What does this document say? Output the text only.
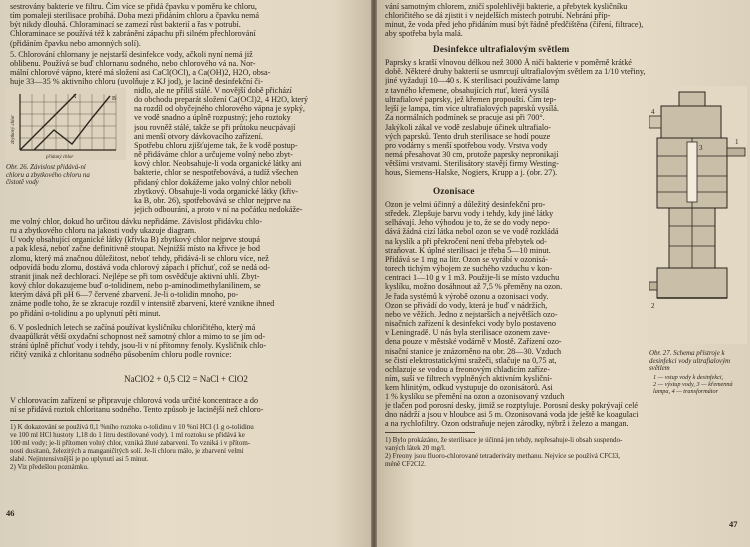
sestrovány bakterie ve filtru. Čím více se přidá čpavku v poměru ke chloru,
tím pomaleji sterilisace probíhá. Doba mezi přidáním chloru a čpavku nemá
být nikdy dlouhá. Chloraminací se zamezí růst bakterií a řas v potrubí.
Chloraminace se používá též k zabránění zápachu při silném přechlorování
(přidáním čpavku nebo amonných solí).
5. Chlorování chlornany je nejstarší desinfekce vody, ačkoli nyní nemá již
oblibenu. Používá se buď chlornanu sodného, nebo chlorového vá na. Nor-
mální chlorové vápno, které má složení asi CaCl(OCl), a Ca(OH)2, H2O, obsa-
huje 33—35 % aktivního chloru (uvolňuje z KJ jod), je lacině desinfekční či-
A	B
přidaný chlor
zbytkový chlor
Obr. 26. Závislost přidává-ní chloru a zbytkového chloru na čistotě vody
nidlo, ale ne příliš stálé. V novější době přichází
do obchodu preparát složení Ca(OCl)2, 4 H2O, který
na rozdíl od obyčejného chlorového vápna je sypký,
ve vodě snadno a úplně rozpustný; jeho roztoky
jsou rovněž stálé, takže se při průtoku neucpávají
ani menší otvory dávkovacího zařízení.
Spotřebu chloru zjišťujeme tak, že k vodě postup-
ně přidáváme chlor a určujeme volný nebo zbyt-
kový chlor. Neobsahuje-li voda organické látky ani
bakterie, chlor se nespotřebovává, a tudíž všechen
přidaný chlor dokážeme jako volný chlor neboli
zbytkový. Obsahuje-li voda organické látky (křiv-
ka B, obr. 26), spotřebovává se chlor nejprve na
jejich odbourání, a proto v ní na počátku nedokáže-
me volný chlor, dokud ho určitou dávku nepřidáme. Závislost přidávku chlo-
ru a zbytkového chloru na jakosti vody ukazuje diagram.
U vody obsahující organické látky (křivka B) zbytkový chlor nejprve stoupá
a pak klesá, neboť začne definitivně stoupat. Nejnižší místo na křivce je bod
zlomu, který má značnou důležitost, neboť tehdy, přidává-li se chloru více, než
odpovídá bodu zlomu, dostává voda chlorový zápach i příchuť, což se nedá od-
stranit jinak než dechlorací. Nejlépe se při tom osvědčuje aktivní uhlí. Zbyt-
kový chlor dokazujeme buď o-tolidinem, nebo p-aminodimethylanilinem, se
kterým dává při pH 6—7 červené zbarvení. Je-li o-tolidin mnoho, po-
známe podle toho, že se zkracuje rozdíl v intensitě zbarvení, které vznikne ihned
po přidání o-tolidinu a po uplynutí pěti minut.
6. V posledních letech se začíná používat kysličníku chloričitého, který má
dvaapůlkrát větší oxydační schopnost než samotný chlor a mimo to se jím od-
strání úplně příchuť vody i tehdy, jsou-li v ní přítomny fenoly. Kysličník chlo-
ričitý vzniká z chloritanu sodného působením chloru podle rovnice:
NaClO2 + 0,5 Cl2 = NaCl + ClO2
V chlorovacím zařízení se připravuje chlorová voda určité koncentrace a do
ní se přidává roztok chloritanu sodného. Tento způsob je lacinější než chloro-
1) K dokazování se používá 0,1 %ního roztoku o-tolidinu v 10 %ní HCl (1 g o-tolidinu
ve 100 ml HCl hustoty 1,18 do 1 litru destilované vody). 1 ml roztoku se přidává ke
100 ml vody; je-li přítomen volný chlor, vzniká žluté zabarvení. To vzniká i v přítom-
nosti dusitanů, železitých a manganičitých solí. Je-li chloru málo, je zbarvení velmi
slabé. Nejintensivnější je po uplynutí asi 5 minut.
2) Viz předešlou poznámku.
46
vání samotným chlorem, zničí spolehlivěji bakterie, a přebytek kysličníku
chloričitého se dá zjistit i v nejdelších místech potrubí. Nebrání příp-
minut, že voda před jeho přidáním musí být řádně předčištěna (čiření, filtrace),
aby spotřeba byla malá.
Desinfekce ultrafialovým světlem
Paprsky s kratší vlnovou délkou než 3000 Å ničí bakterie v poměrně krátké
době. Některé druhy bakterií se usmrcují ultrafialovým světlem za 1/10 vteřiny,
jiné vyžadují 10—40 s. K sterilisaci používáme lamp
z tavného křemene, obsahujících rtuť, která vysílá
ultrafialové paprsky, jež křemen propouští. Čím tep-
lejší je lampa, tím více ultrafialových paprsků vysílá.
Za normálních podmínek se pracuje asi při 700°.
Jakýkoli zákal ve vodě zeslabuje účinek ultrafialo-
vých paprsků. Tento druh sterilisace se hodí pouze
pro vodárny s menší spotřebou vody. Vrstva vody
nemá přesahovat 30 cm, protože paprsky nepronikají
většími vrstvami. Sterilisátory stavějí firmy Westing-
hous, Siemens-Halske, Nogiers, Krupp a j. (obr. 27).
Ozonisace
Ozon je velmi účinný a důležitý desinfekční pro-
středek. Zlepšuje barvu vody i tehdy, kdy jiné látky
selhávají. Jeho výhodou je to, že se do vody nepo-
dává žádná cizí látka nebol ozon se ve vodě rozkládá
na kyslík a při překročení není třeba přebytek od-
straňovat. K úplné sterilisaci je třeba 5—10 minut.
Přidává se 1 mg na litr. Ozon se vyrábí v ozonisá-
torech tichým výbojem ze suchého vzduchu v kon-
centraci 1—10 g v 1 m3. Použije-li se místo vzduchu
kyslíku, možno dosáhnout až 7,5 % přeměny na ozon.
Je řada systémů k výrobě ozonu a ozonisaci vody.
Ozon se přivádí do vody, která je buď v nádržích,
nebo ve věžích. Jedno z nejstarších a největších ozo-
nisačních zařízení k desinfekci vody bylo postaveno
v Leningradě. U nás byla sterilisace ozonem zave-
dena pouze v městské vodárně v Mostě. Zařízení ozo-
nisační stanice je znázorněno na obr. 28—30. Vzduch
se čistí elektrostatickými sražeči, stlačuje na 0,75 at,
ochlazuje se vodou a freonovým chladicím zaříze-
ním, suší ve filtrech vyplněných aktivním kysliční-
kem hlinitým, odkud vystupuje do ozonisátorů. Asi
1 % kyslíku se přemění na ozon a ozonisovaný vzduch
je tlačen pod porosní desky, jimiž se rozptyluje. Porosní desky pokrývají celé
dno nádrží a jsou v hloubce asi 5 m. Ozonisovaná voda jde ještě ke koagulaci
a na rychlofiltry. Ozon odstraňuje nejen zárodky, nýbrž i železo a mangan.
1
2
3
4
Obr. 27. Schema přístroje k desinfekci vody ultrafialovým světlem
1 — vstup vody k desinfekci,
2 — výstup vody, 3 — křemenná lampa, 4 — transformátor
1) Bylo prokázáno, že sterilisace je účinná jen tehdy, nepřesahuje-li obsah suspendo-
vaných látek 20 mg/l.
2) Freony jsou fluoro-chlorované tetraderiváty methanu. Nejvíce se používá CFCl3,
méně CF2Cl2.
47
